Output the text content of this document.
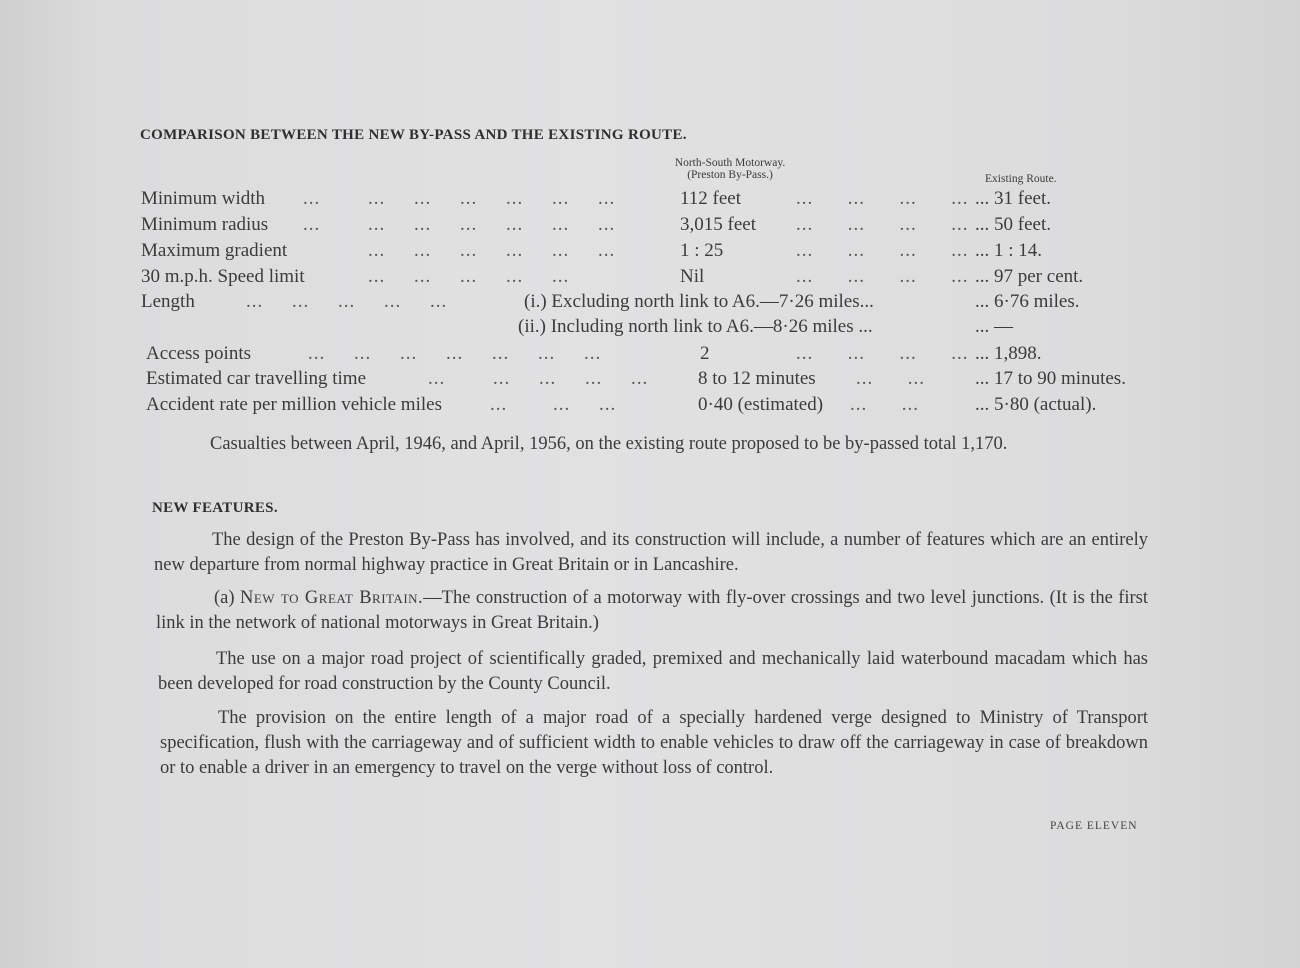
COMPARISON BETWEEN THE NEW BY-PASS AND THE EXISTING ROUTE.
North-South Motorway.
(Preston By-Pass.)	Existing Route.
Minimum width ...	...     ...     ...     ...     ...     ...	112 feet	...      ...      ...      ... ... 31 feet.
Minimum radius ...	...     ...     ...     ...     ...     ...	3,015 feet ...      ...      ...      ... ... 50 feet.
Maximum gradient	...     ...     ...     ...     ...     ...	1 : 25	...      ...      ...      ... ... 1 : 14.
30 m.p.h. Speed limit	...     ...     ...     ...     ...	Nil	...      ...      ...      ... ... 97 per cent.
Length	...     ...     ...     ...     ...	(i.) Excluding north link to A6.—7·26 miles...	... 6·76 miles.
(ii.) Including north link to A6.—8·26 miles ...	... —
Access points	...     ...     ...     ...     ...     ...     ...	2	...      ...      ...      ... ... 1,898.
Estimated car travelling time	...	...     ...     ...     ...	8 to 12 minutes ...      ...	... 17 to 90 minutes.
Accident rate per million vehicle miles	... ...     ...	0·40 (estimated) ...      ...	... 5·80 (actual).
Casualties between April, 1946, and April, 1956, on the existing route proposed to be by-passed total 1,170.
NEW FEATURES.
The design of the Preston By-Pass has involved, and its construction will include, a number of features which are an entirely new departure from normal highway practice in Great Britain or in Lancashire.
(a) New to Great Britain.—The construction of a motorway with fly-over crossings and two level junctions. (It is the first link in the network of national motorways in Great Britain.)
The use on a major road project of scientifically graded, premixed and mechanically laid waterbound macadam which has been developed for road construction by the County Council.
The provision on the entire length of a major road of a specially hardened verge designed to Ministry of Transport specification, flush with the carriageway and of sufficient width to enable vehicles to draw off the carriageway in case of breakdown or to enable a driver in an emergency to travel on the verge without loss of control.
PAGE ELEVEN
